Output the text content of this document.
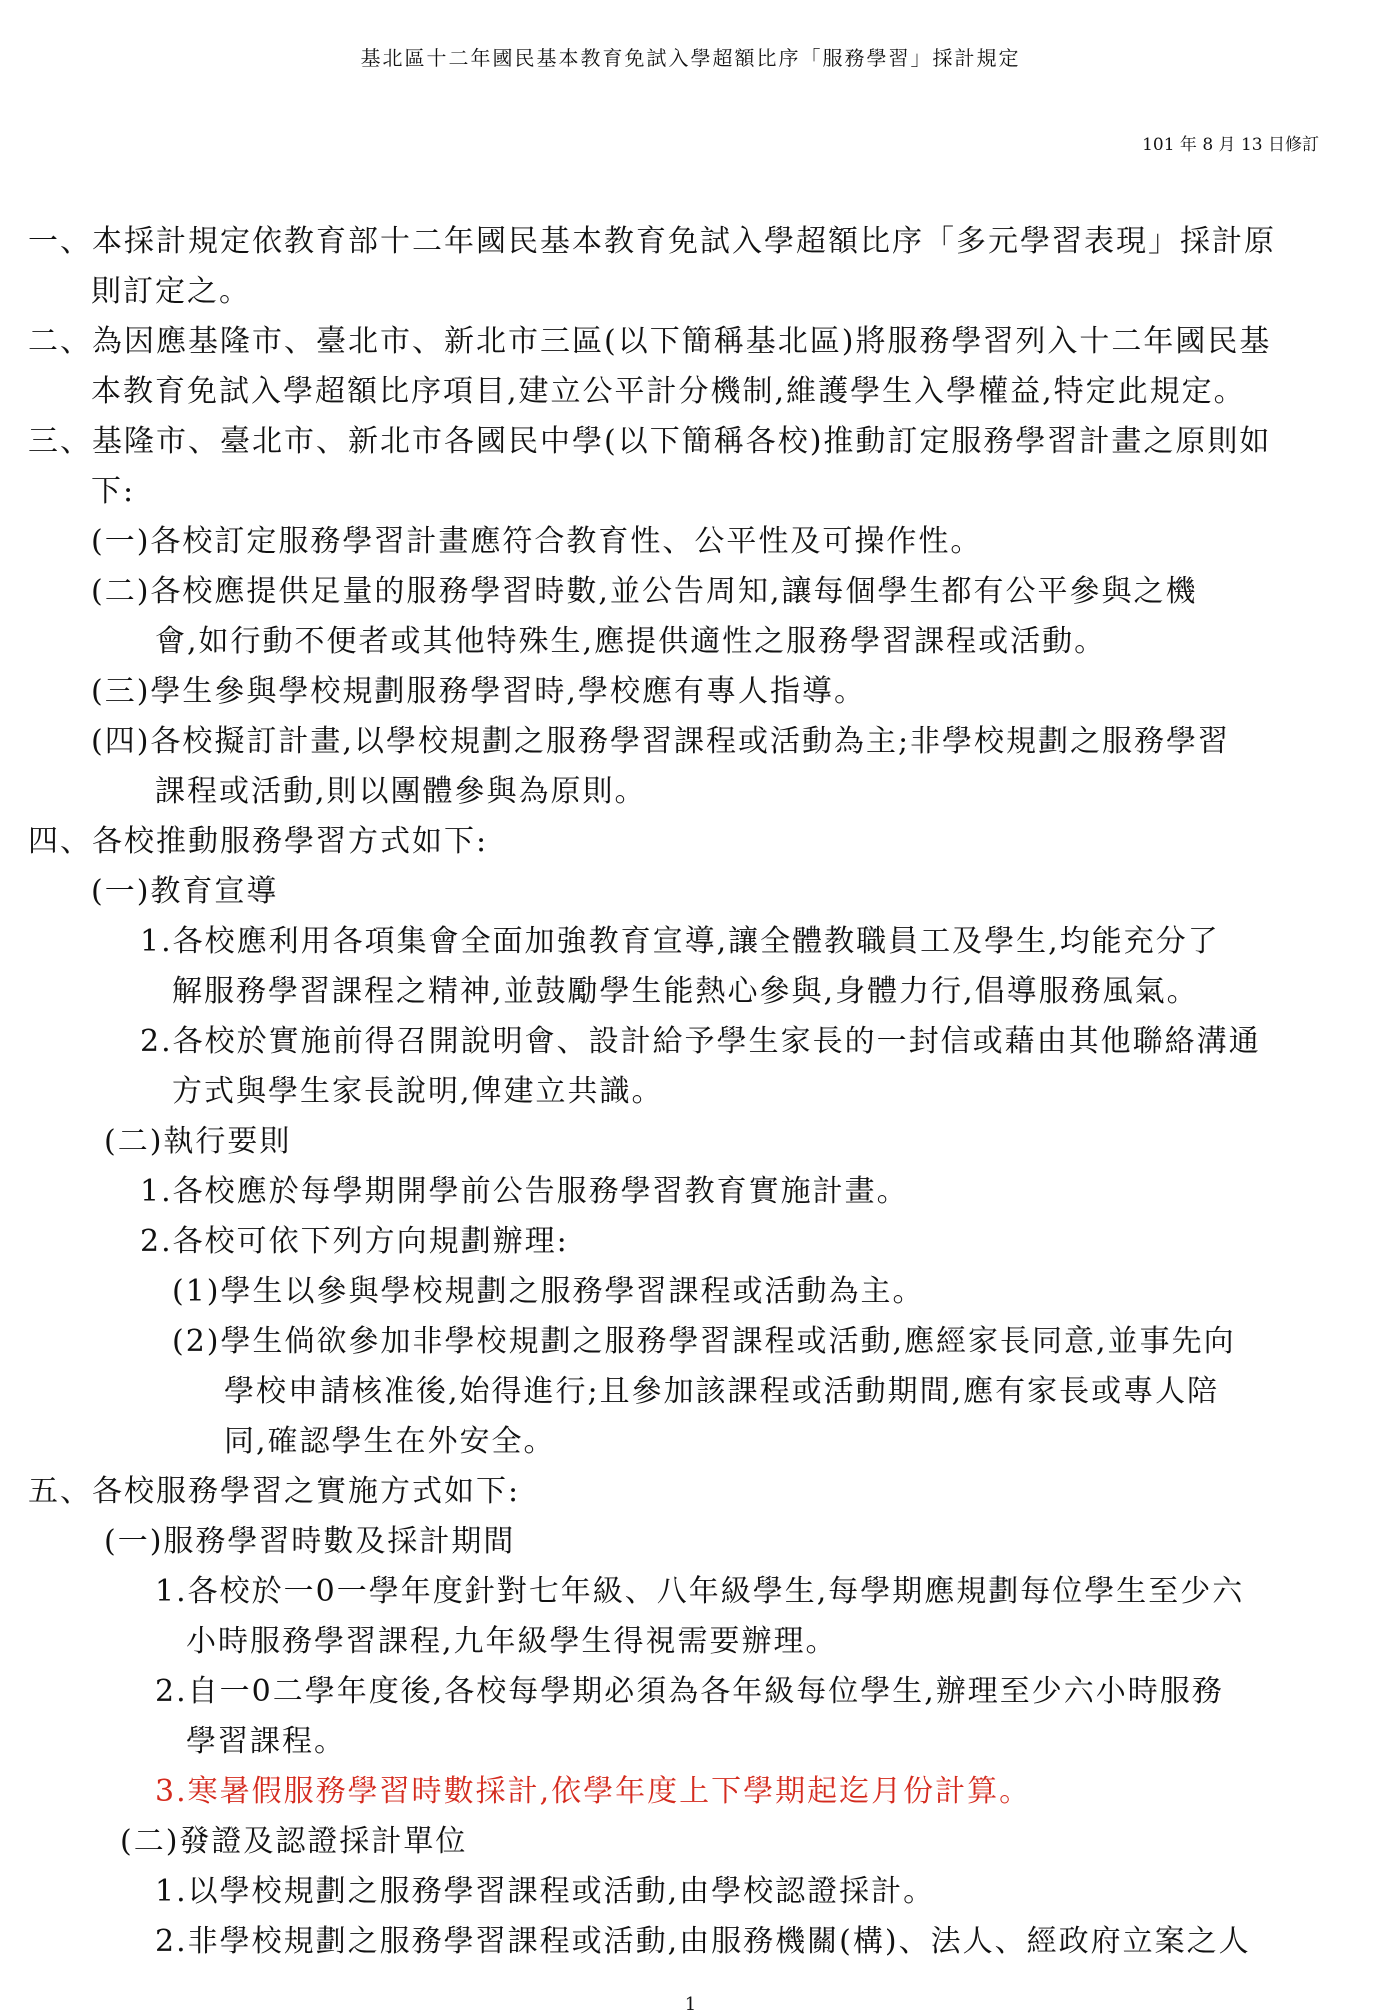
基北區十二年國民基本教育免試入學超額比序「服務學習」採計規定
101 年 8 月 13 日修訂
一、本採計規定依教育部十二年國民基本教育免試入學超額比序「多元學習表現」採計原
則訂定之。
二、為因應基隆市、臺北市、新北市三區(以下簡稱基北區)將服務學習列入十二年國民基
本教育免試入學超額比序項目,建立公平計分機制,維護學生入學權益,特定此規定。
三、基隆市、臺北市、新北市各國民中學(以下簡稱各校)推動訂定服務學習計畫之原則如
下:
(一)各校訂定服務學習計畫應符合教育性、公平性及可操作性。
(二)各校應提供足量的服務學習時數,並公告周知,讓每個學生都有公平參與之機
會,如行動不便者或其他特殊生,應提供適性之服務學習課程或活動。
(三)學生參與學校規劃服務學習時,學校應有專人指導。
(四)各校擬訂計畫,以學校規劃之服務學習課程或活動為主;非學校規劃之服務學習
課程或活動,則以團體參與為原則。
四、各校推動服務學習方式如下:
(一)教育宣導
1.各校應利用各項集會全面加強教育宣導,讓全體教職員工及學生,均能充分了
解服務學習課程之精神,並鼓勵學生能熱心參與,身體力行,倡導服務風氣。
2.各校於實施前得召開說明會、設計給予學生家長的一封信或藉由其他聯絡溝通
方式與學生家長說明,俾建立共識。
(二)執行要則
1.各校應於每學期開學前公告服務學習教育實施計畫。
2.各校可依下列方向規劃辦理:
(1)學生以參與學校規劃之服務學習課程或活動為主。
(2)學生倘欲參加非學校規劃之服務學習課程或活動,應經家長同意,並事先向
學校申請核准後,始得進行;且參加該課程或活動期間,應有家長或專人陪
同,確認學生在外安全。
五、各校服務學習之實施方式如下:
(一)服務學習時數及採計期間
1.各校於一0一學年度針對七年級、八年級學生,每學期應規劃每位學生至少六
小時服務學習課程,九年級學生得視需要辦理。
2.自一0二學年度後,各校每學期必須為各年級每位學生,辦理至少六小時服務
學習課程。
3.寒暑假服務學習時數採計,依學年度上下學期起迄月份計算。
(二)發證及認證採計單位
1.以學校規劃之服務學習課程或活動,由學校認證採計。
2.非學校規劃之服務學習課程或活動,由服務機關(構)、法人、經政府立案之人
1
